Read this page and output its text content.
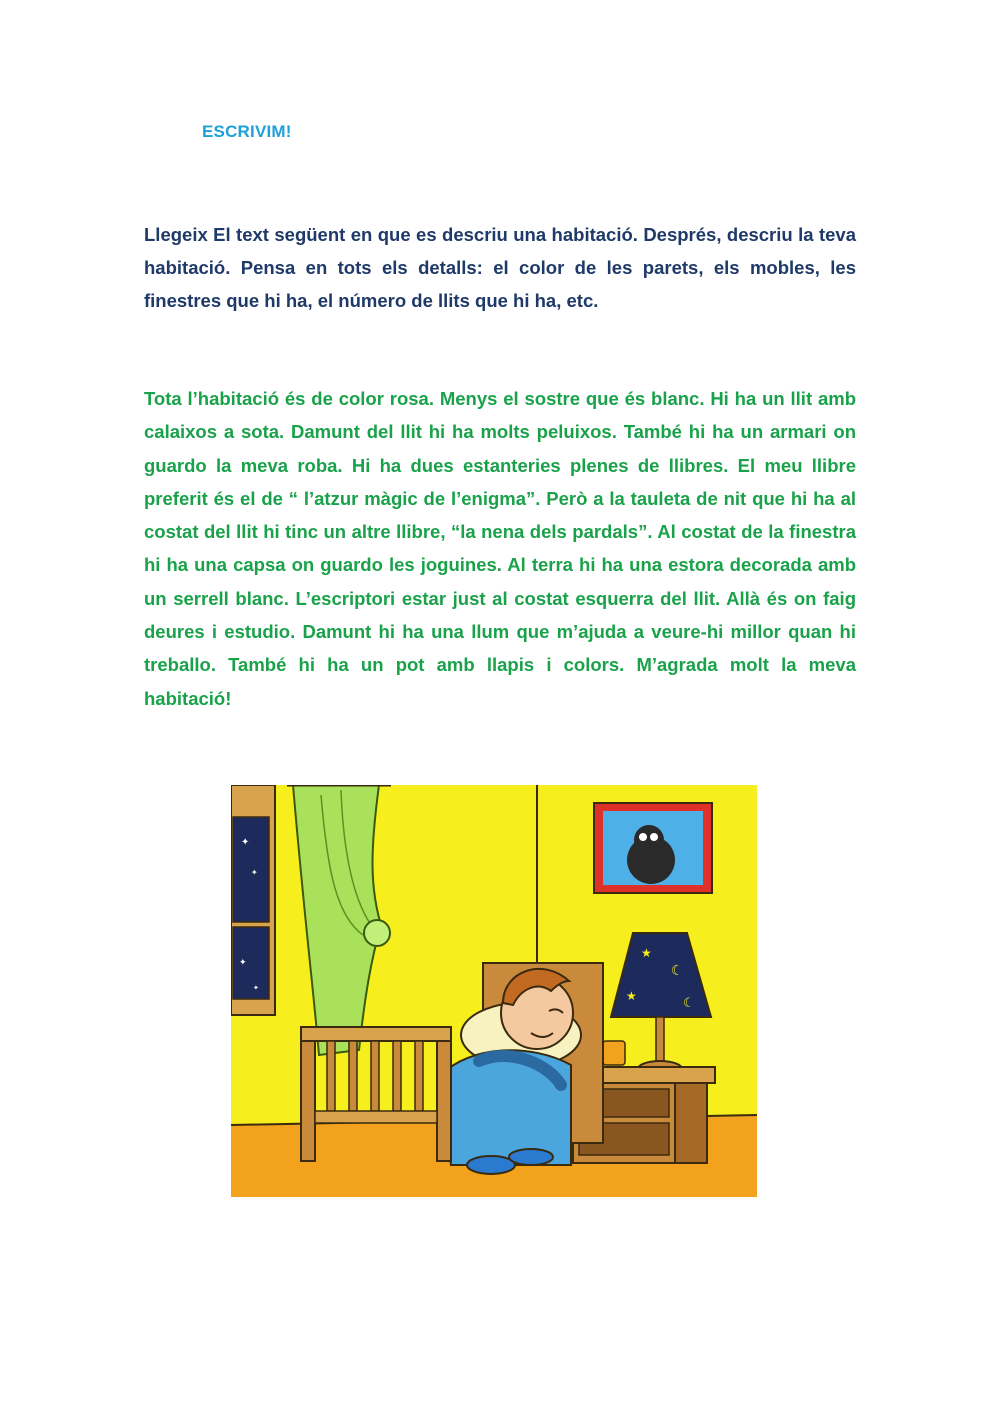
ESCRIVIM!
Llegeix El text següent en que es descriu una habitació. Després, descriu la teva habitació. Pensa en tots els detalls: el color de les parets, els mobles, les finestres que hi ha, el número de llits que hi ha, etc.
Tota l’habitació és de color rosa. Menys el sostre que és blanc. Hi ha un llit amb calaixos a sota. Damunt del llit hi ha molts peluixos. També hi ha un armari on guardo la meva roba. Hi ha dues estanteries plenes de llibres. El meu llibre preferit és el de “ l’atzur màgic de l’enigma”. Però a la tauleta de nit que hi ha al costat del llit hi tinc un altre llibre, “la nena dels pardals”. Al costat de la finestra hi ha una capsa on guardo les joguines. Al terra hi ha una estora decorada amb un serrell blanc. L’escriptori estar just al costat esquerra del llit. Allà és on faig deures i estudio. Damunt hi ha una llum que m’ajuda a veure-hi millor quan hi treballo. També hi ha un pot amb llapis i colors. M’agrada molt la meva habitació!
✦
✦
✦
✦
★
☾
★	☾
